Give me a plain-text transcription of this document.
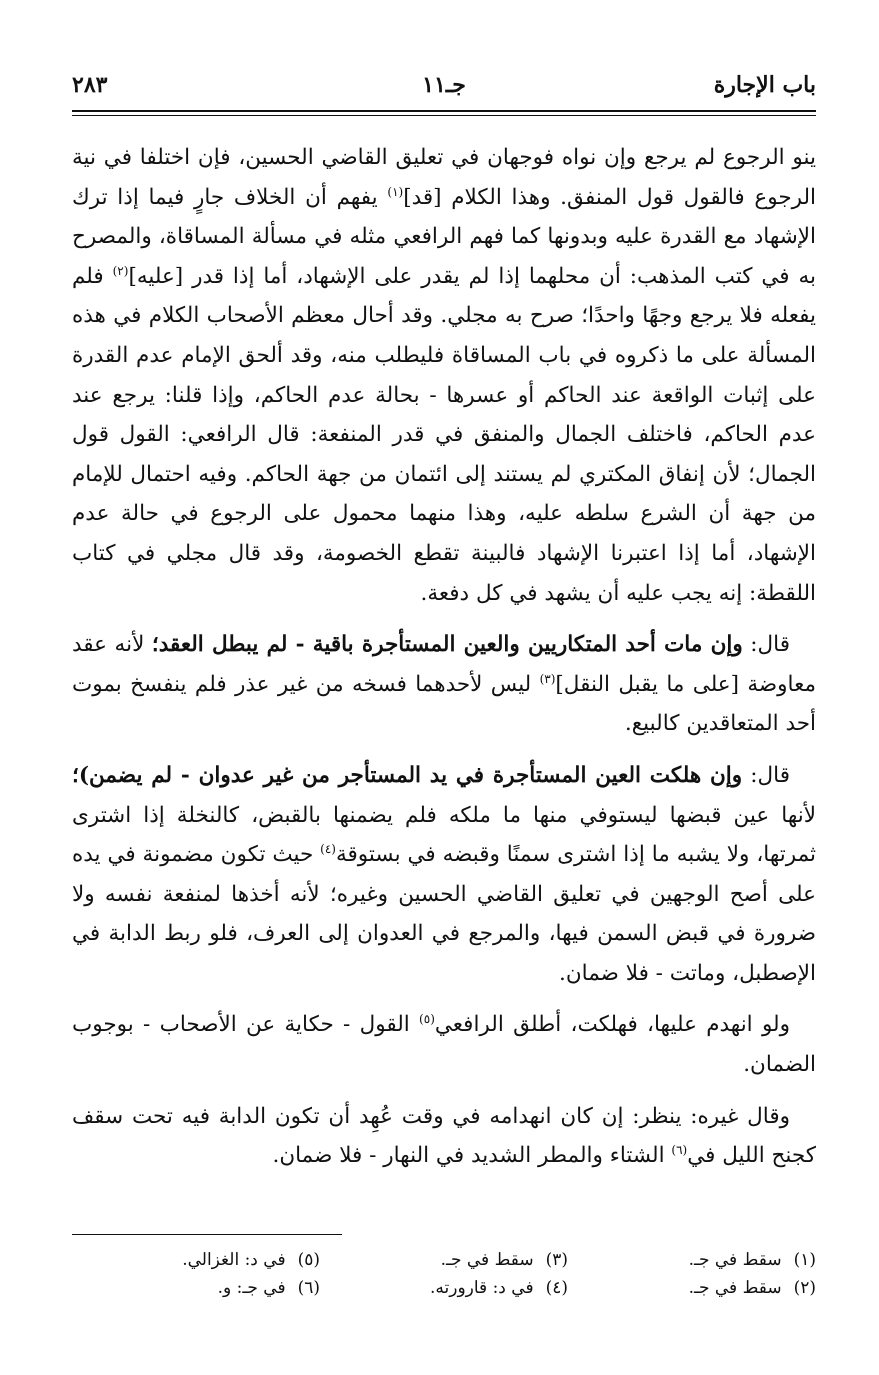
باب الإجارة
جـ١١
٢٨٣

ينو الرجوع لم يرجع وإن نواه فوجهان في تعليق القاضي الحسين، فإن اختلفا في نية الرجوع فالقول قول المنفق. وهذا الكلام [قد]$^{(١)}$ يفهم أن الخلاف جارٍ فيما إذا ترك الإشهاد مع القدرة عليه وبدونها كما فهم الرافعي مثله في مسألة المساقاة، والمصرح به في كتب المذهب: أن محلهما إذا لم يقدر على الإشهاد، أما إذا قدر [عليه]$^{(٢)}$ فلم يفعله فلا يرجع وجهًا واحدًا؛ صرح به مجلي. وقد أحال معظم الأصحاب الكلام في هذه المسألة على ما ذكروه في باب المساقاة فليطلب منه، وقد ألحق الإمام عدم القدرة على إثبات الواقعة عند الحاكم أو عسرها - بحالة عدم الحاكم، وإذا قلنا: يرجع عند عدم الحاكم، فاختلف الجمال والمنفق في قدر المنفعة: قال الرافعي: القول قول الجمال؛ لأن إنفاق المكتري لم يستند إلى ائتمان من جهة الحاكم. وفيه احتمال للإمام من جهة أن الشرع سلطه عليه، وهذا منهما محمول على الرجوع في حالة عدم الإشهاد، أما إذا اعتبرنا الإشهاد فالبينة تقطع الخصومة، وقد قال مجلي في كتاب اللقطة: إنه يجب عليه أن يشهد في كل دفعة.

قال: وإن مات أحد المتكاريين والعين المستأجرة باقية - لم يبطل العقد؛ لأنه عقد معاوضة [على ما يقبل النقل]$^{(٣)}$ ليس لأحدهما فسخه من غير عذر فلم ينفسخ بموت أحد المتعاقدين كالبيع.

قال: وإن هلكت العين المستأجرة في يد المستأجر من غير عدوان - لم يضمن)؛ لأنها عين قبضها ليستوفي منها ما ملكه فلم يضمنها بالقبض، كالنخلة إذا اشترى ثمرتها، ولا يشبه ما إذا اشترى سمنًا وقبضه في بستوقة$^{(٤)}$ حيث تكون مضمونة في يده على أصح الوجهين في تعليق القاضي الحسين وغيره؛ لأنه أخذها لمنفعة نفسه ولا ضرورة في قبض السمن فيها، والمرجع في العدوان إلى العرف، فلو ربط الدابة في الإصطبل، وماتت - فلا ضمان.

ولو انهدم عليها، فهلكت، أطلق الرافعي$^{(٥)}$ القول - حكاية عن الأصحاب - بوجوب الضمان.

وقال غيره: ينظر: إن كان انهدامه في وقت عُهِد أن تكون الدابة فيه تحت سقف كجنح الليل في$^{(٦)}$ الشتاء والمطر الشديد في النهار - فلا ضمان.

(١)سقط في جـ.
(٣)سقط في جـ.
(٥)في د: الغزالي.
(٢)سقط في جـ.
(٤)في د: قارورته.
(٦)في جـ: و.
